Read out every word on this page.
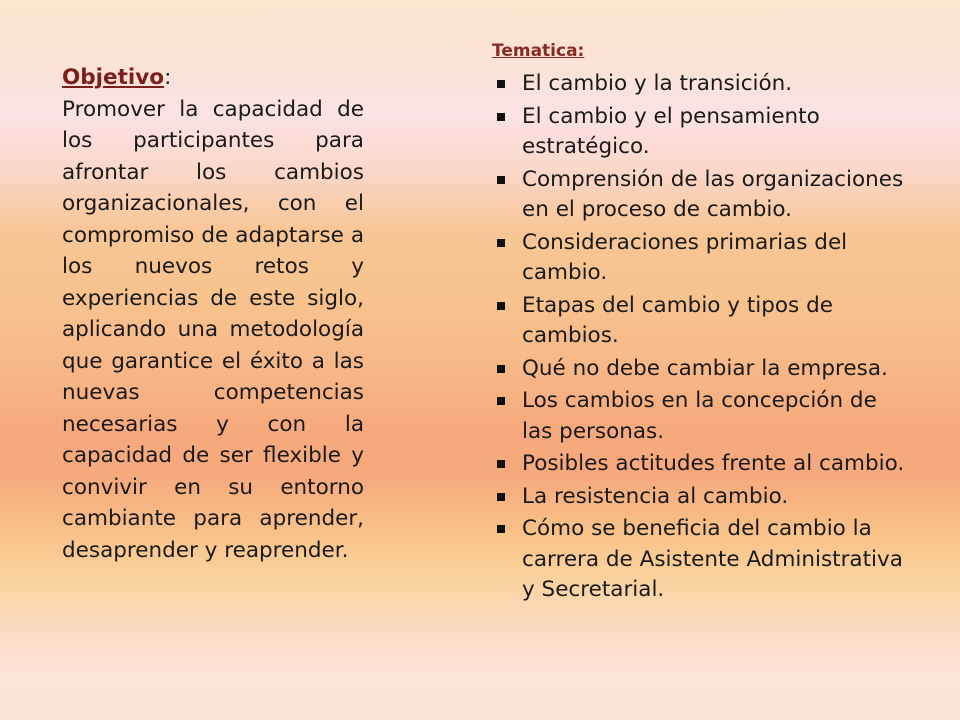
Objetivo:
Promover la capacidad de los participantes para afrontar los cambios organizacionales, con el compromiso de adaptarse a los nuevos retos y experiencias de este siglo, aplicando una metodología que garantice el éxito a las nuevas competencias necesarias y con la capacidad de ser flexible y convivir en su entorno cambiante para aprender, desaprender y reaprender.
Tematica:
El cambio y la transición.
El cambio y el pensamiento estratégico.
Comprensión de las organizaciones en el proceso de cambio.
Consideraciones primarias del cambio.
Etapas del cambio y tipos de cambios.
Qué no debe cambiar la empresa.
Los cambios en la concepción de las personas.
Posibles actitudes frente al cambio.
La resistencia al cambio.
Cómo se beneficia del cambio la carrera de Asistente Administrativa y Secretarial.
